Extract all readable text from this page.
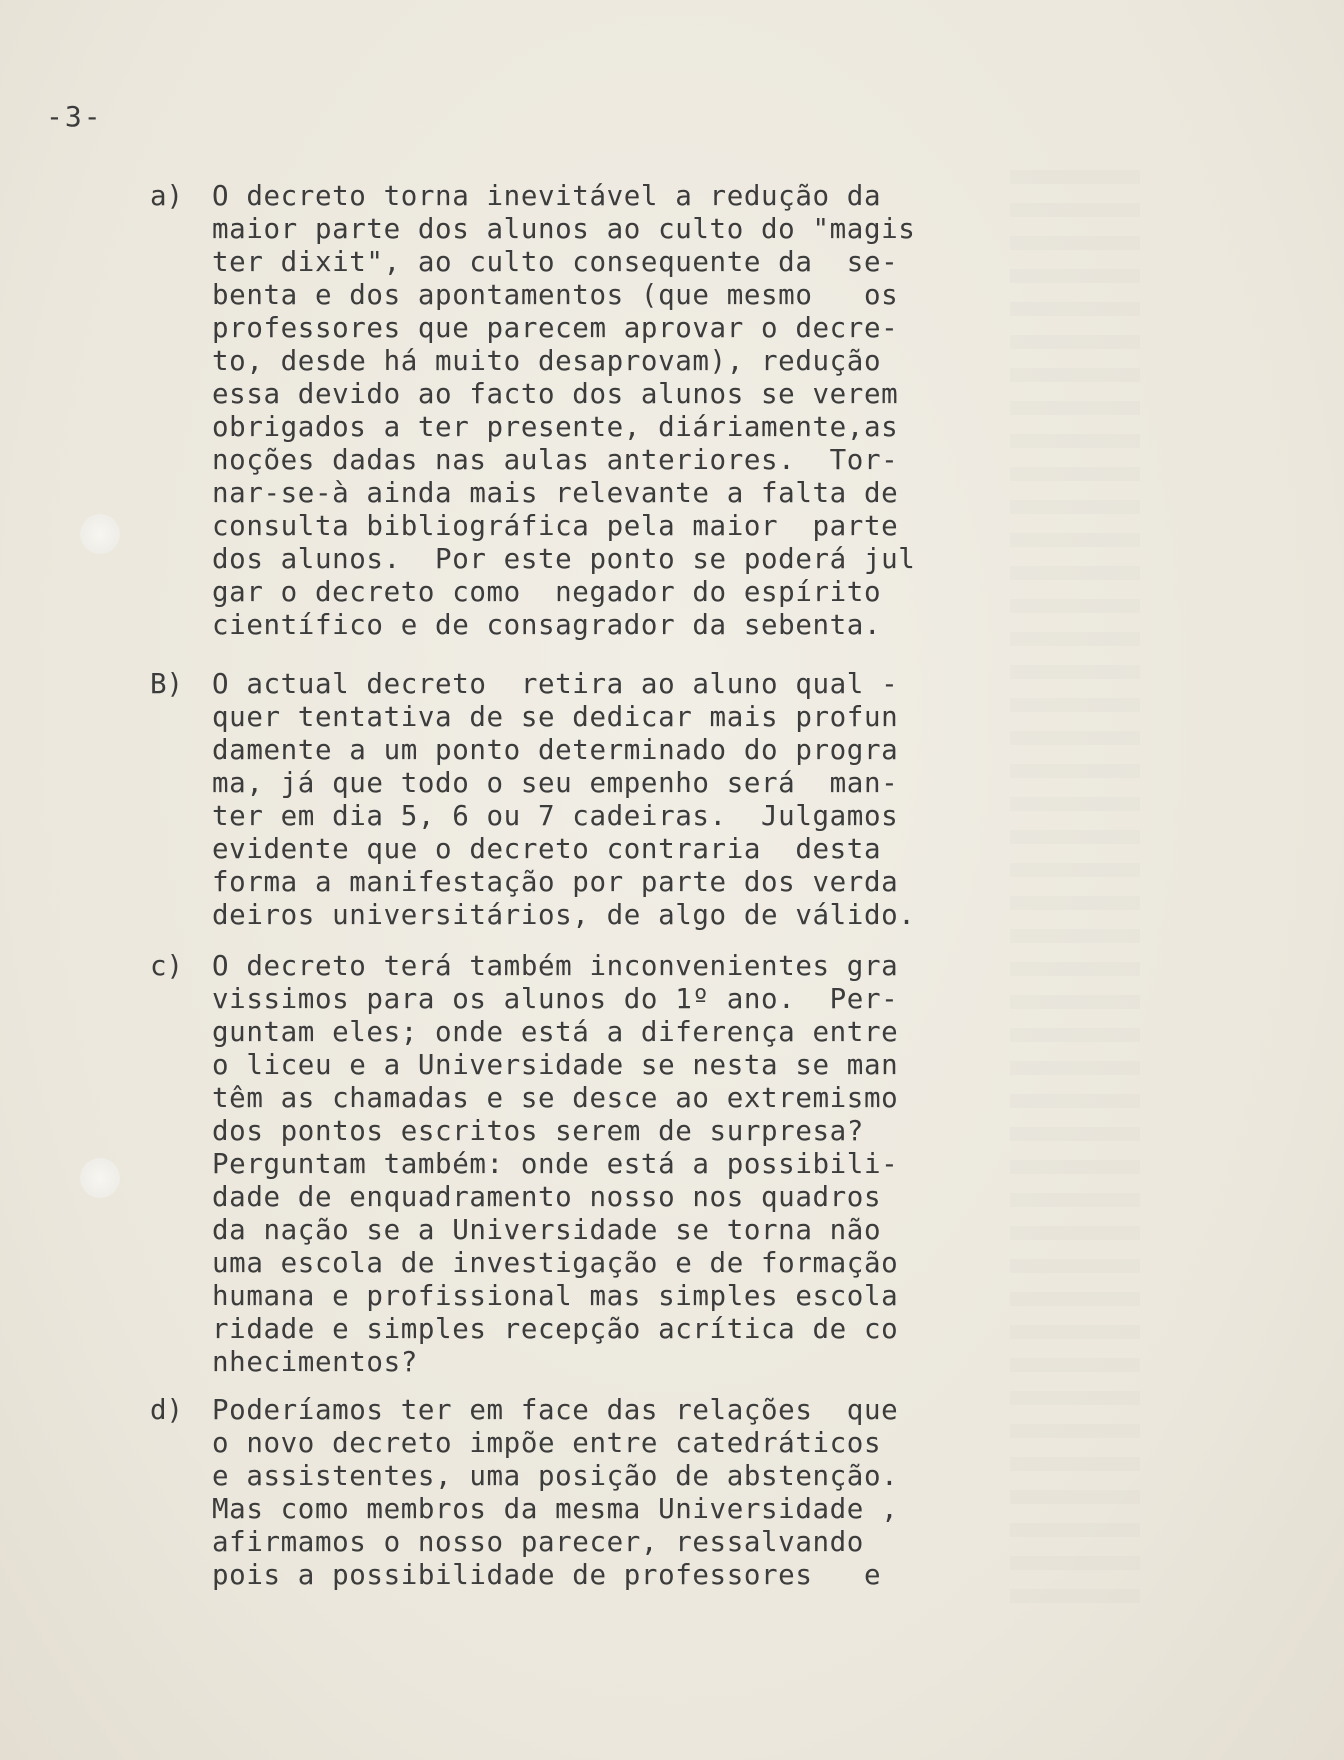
-3-
a) O decreto torna inevitável a redução da
maior parte dos alunos ao culto do "magis
ter dixit", ao culto consequente da  se-
benta e dos apontamentos (que mesmo   os
professores que parecem aprovar o decre-
to, desde há muito desaprovam), redução
essa devido ao facto dos alunos se verem
obrigados a ter presente, diáriamente,as
noções dadas nas aulas anteriores.  Tor-
nar-se-à ainda mais relevante a falta de
consulta bibliográfica pela maior  parte
dos alunos.  Por este ponto se poderá jul
gar o decreto como  negador do espírito
científico e de consagrador da sebenta.
B) O actual decreto  retira ao aluno qual -
quer tentativa de se dedicar mais profun
damente a um ponto determinado do progra
ma, já que todo o seu empenho será  man-
ter em dia 5, 6 ou 7 cadeiras.  Julgamos
evidente que o decreto contraria  desta
forma a manifestação por parte dos verda
deiros universitários, de algo de válido.
c) O decreto terá também inconvenientes gra
vissimos para os alunos do 1º ano.  Per-
guntam eles; onde está a diferença entre
o liceu e a Universidade se nesta se man
têm as chamadas e se desce ao extremismo
dos pontos escritos serem de surpresa?
Perguntam também: onde está a possibili-
dade de enquadramento nosso nos quadros
da nação se a Universidade se torna não
uma escola de investigação e de formação
humana e profissional mas simples escola
ridade e simples recepção acrítica de co
nhecimentos?
d) Poderíamos ter em face das relações  que
o novo decreto impõe entre catedráticos
e assistentes, uma posição de abstenção.
Mas como membros da mesma Universidade ,
afirmamos o nosso parecer, ressalvando
pois a possibilidade de professores   e
